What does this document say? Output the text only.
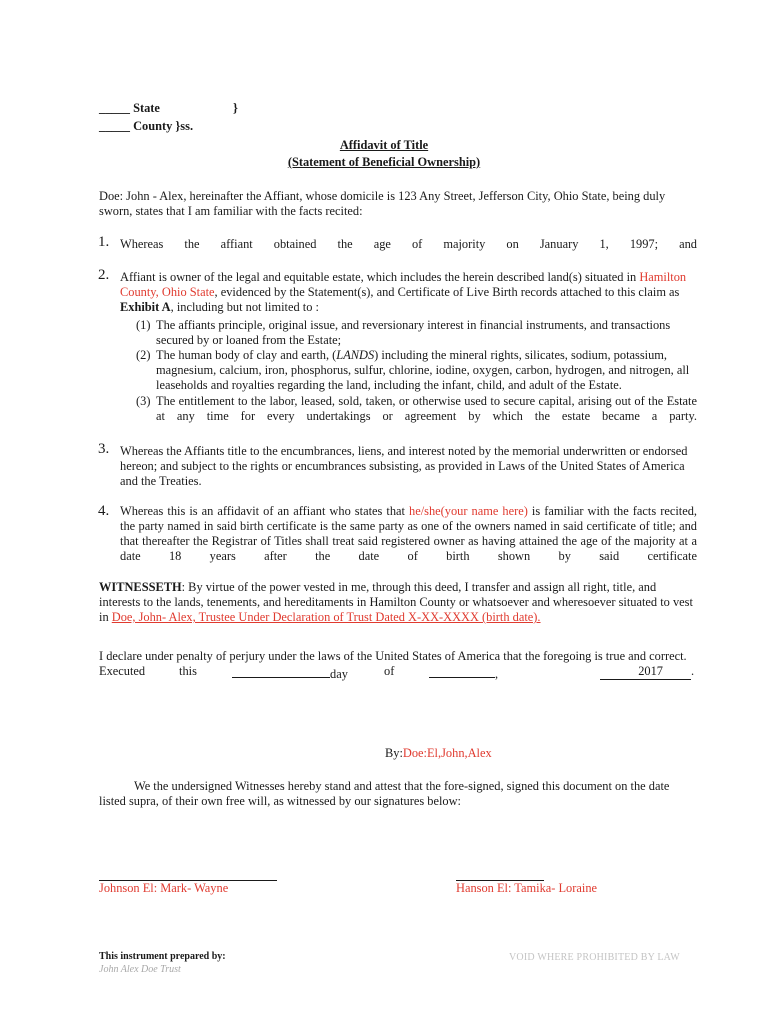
_____ State	}
_____ County }ss.
Affidavit of Title
(Statement of Beneficial Ownership)
Doe: John - Alex, hereinafter the Affiant, whose domicile is 123 Any Street, Jefferson City, Ohio State, being duly sworn, states that I am familiar with the facts recited:
1. Whereas the affiant obtained the age of majority on January 1, 1997; and
2. Affiant is owner of the legal and equitable estate, which includes the herein described land(s) situated in Hamilton County, Ohio State, evidenced by the Statement(s), and Certificate of Live Birth records attached to this claim as Exhibit A, including but not limited to :
(1) The affiants principle, original issue, and reversionary interest in financial instruments, and transactions secured by or loaned from the Estate;
(2) The human body of clay and earth, (LANDS) including the mineral rights, silicates, sodium, potassium, magnesium, calcium, iron, phosphorus, sulfur, chlorine, iodine, oxygen, carbon, hydrogen, and nitrogen, all leaseholds and royalties regarding the land, including the infant, child, and adult of the Estate.
(3) The entitlement to the labor, leased, sold, taken, or otherwise used to secure capital, arising out of the Estate at any time for every undertakings or agreement by which the estate became a party.
3. Whereas the Affiants title to the encumbrances, liens, and interest noted by the memorial underwritten or endorsed hereon; and subject to the rights or encumbrances subsisting, as provided in Laws of the United States of America and the Treaties.
4. Whereas this is an affidavit of an affiant who states that he/she(your name here) is familiar with the facts recited, the party named in said birth certificate is the same party as one of the owners named in said certificate of title; and that thereafter the Registrar of Titles shall treat said registered owner as having attained the age of the majority at a date 18 years after the date of birth shown by said certificate
WITNESSETH: By virtue of the power vested in me, through this deed, I transfer and assign all right, title, and interests to the lands, tenements, and hereditaments in Hamilton County or whatsoever and wheresoever situated to vest in Doe, John- Alex, Trustee Under Declaration of Trust Dated X-XX-XXXX (birth date).
I declare under penalty of perjury under the laws of the United States of America that the foregoing is true and correct.
Executed	this	day	of	,	2017 .
By:Doe:El,John,Alex
We the undersigned Witnesses hereby stand and attest that the fore-signed, signed this document on the date listed supra, of their own free will, as witnessed by our signatures below:
Johnson El: Mark- Wayne	Hanson El: Tamika- Loraine
This instrument prepared by:
John Alex Doe Trust
VOID WHERE PROHIBITED BY LAW
